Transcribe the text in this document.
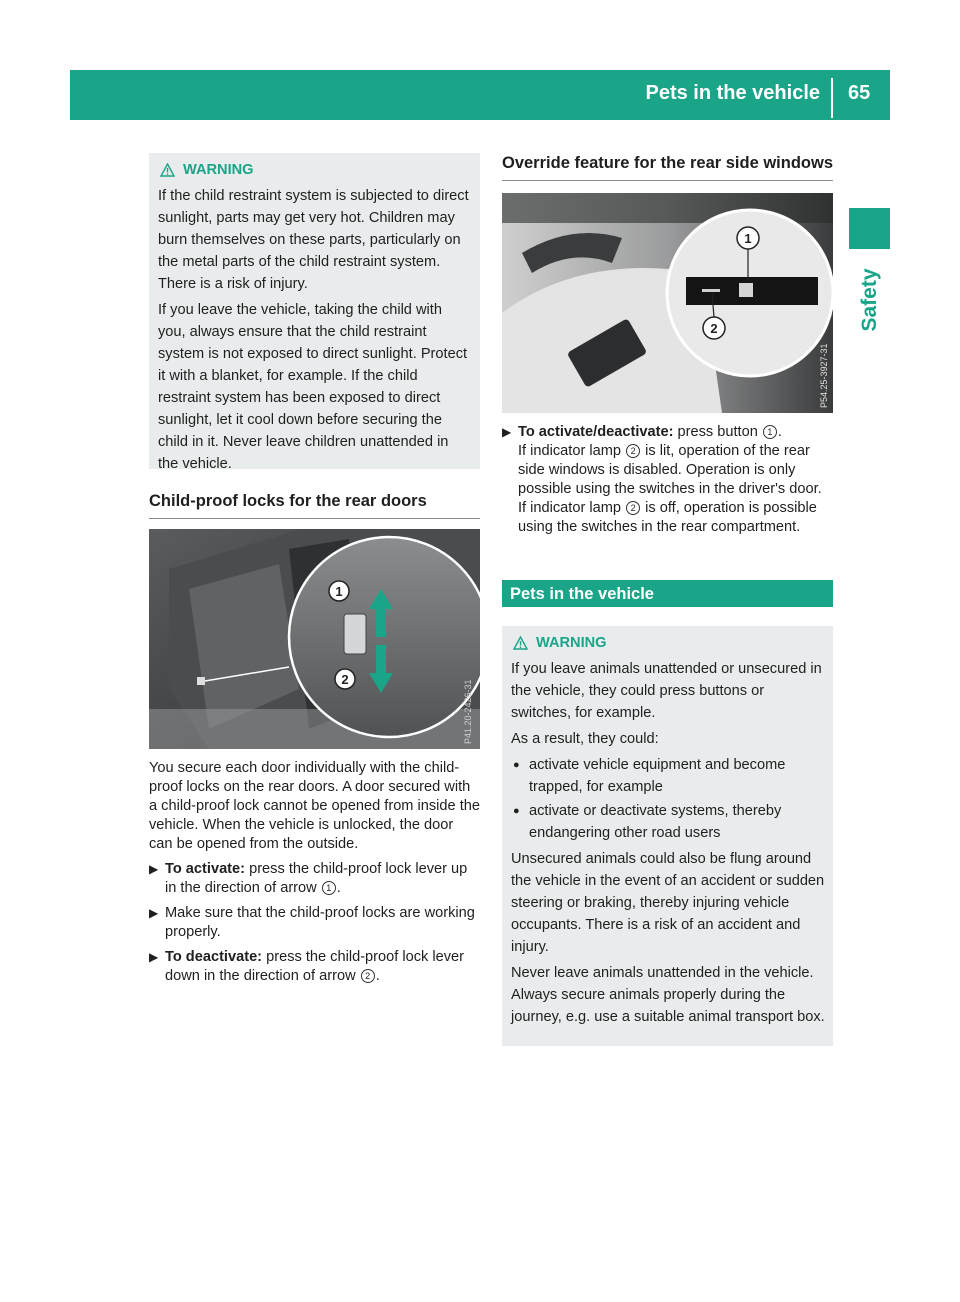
Pets in the vehicle 65
Safety
WARNING

If the child restraint system is subjected to direct sunlight, parts may get very hot. Children may burn themselves on these parts, particularly on the metal parts of the child restraint system. There is a risk of injury.

If you leave the vehicle, taking the child with you, always ensure that the child restraint system is not exposed to direct sunlight. Protect it with a blanket, for example. If the child restraint system has been exposed to direct sunlight, let it cool down before securing the child in it. Never leave children unattended in the vehicle.

Child-proof locks for the rear doors
1
2	P41.20-2426-31

You secure each door individually with the child-proof locks on the rear doors. A door secured with a child-proof lock cannot be opened from inside the vehicle. When the vehicle is unlocked, the door can be opened from the outside.

▶ To activate: press the child-proof lock lever up in the direction of arrow 1 .
▶ Make sure that the child-proof locks are working properly.
▶ To deactivate: press the child-proof lock lever down in the direction of arrow 2 .
Override feature for the rear side windows
1
2
P54.25-3927-31
▶ To activate/deactivate: press button 1 .
If indicator lamp 2 is lit, operation of the rear side windows is disabled. Operation is only possible using the switches in the driver's door. If indicator lamp 2 is off, operation is possible using the switches in the rear compartment.
Pets in the vehicle
WARNING

If you leave animals unattended or unsecured in the vehicle, they could press buttons or switches, for example.

As a result, they could:

● activate vehicle equipment and become trapped, for example
● activate or deactivate systems, thereby endangering other road users

Unsecured animals could also be flung around the vehicle in the event of an accident or sudden steering or braking, thereby injuring vehicle occupants. There is a risk of an accident and injury.

Never leave animals unattended in the vehicle. Always secure animals properly during the journey, e.g. use a suitable animal transport box.
